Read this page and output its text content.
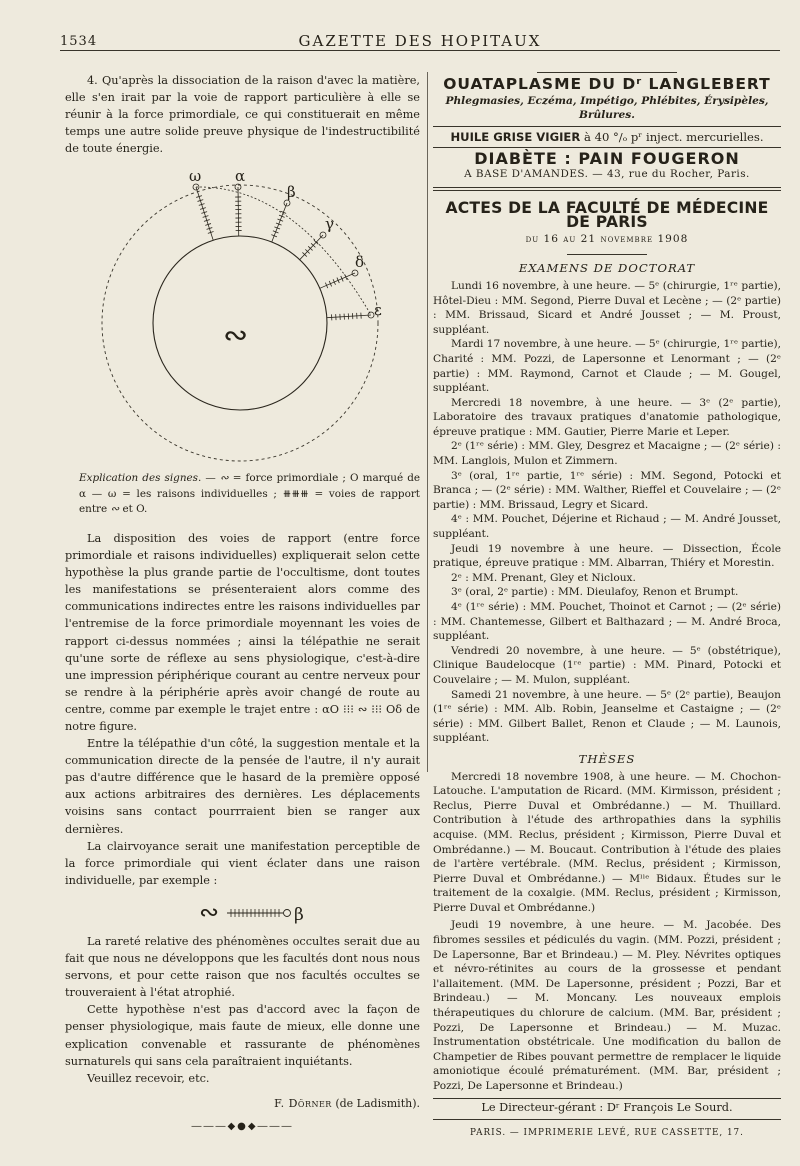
1534	GAZETTE DES HOPITAUX

4. Qu'après la dissociation de la raison d'avec la matière, elle s'en irait par la voie de rapport particulière à elle se réunir à la force primordiale, ce qui constituerait en même temps une autre solide preuve physique de l'indestructibilité de toute énergie.

ω α
β
γ
δ
ε
∾
Explication des signes. — ∾ = force primordiale ; O marqué de α — ω = les raisons individuelles ; ⧻⧻⧻ = voies de rapport entre ∾ et O.

La disposition des voies de rapport (entre force primordiale et raisons individuelles) expliquerait selon cette hypothèse la plus grande partie de l'occultisme, dont toutes les manifestations se présenteraient alors comme des communications indirectes entre les raisons individuelles par l'entremise de la force primordiale moyennant les voies de rapport ci-dessus nommées ; ainsi la télépathie ne serait qu'une sorte de réflexe au sens physiologique, c'est-à-dire une impression périphérique courant au centre nerveux pour se rendre à la périphérie après avoir changé de route au centre, comme par exemple le trajet entre : αO ⁝⁝⁝ ∾ ⁝⁝⁝ Oδ de notre figure.

Entre la télépathie d'un côté, la suggestion mentale et la communication directe de la pensée de l'autre, il n'y aurait pas d'autre différence que le hasard de la première opposé aux actions arbitraires des dernières. Les déplacements voisins sans contact pourrraient bien se ranger aux dernières.

La clairvoyance serait une manifestation perceptible de la force primordiale qui vient éclater dans une raison individuelle, par exemple :

∾	β

La rareté relative des phénomènes occultes serait due au fait que nous ne développons que les facultés dont nous nous servons, et pour cette raison que nos facultés occultes se trouveraient à l'état atrophié.

Cette hypothèse n'est pas d'accord avec la façon de penser physiologique, mais faute de mieux, elle donne une explication convenable et rassurante de phénomènes surnaturels qui sans cela paraîtraient inquiétants.

Veuillez recevoir, etc.

F. Dörner (de Ladismith).
―――◆●◆―――
OUATAPLASME DU Dʳ LANGLEBERT
Phlegmasies, Eczéma, Impétigo, Phlébites, Érysipèles, Brûlures.
HUILE GRISE VIGIER à 40 °/ₒ pʳ inject. mercurielles.
DIABÈTE : PAIN FOUGERON
A BASE D'AMANDES. — 43, rue du Rocher, Paris.
ACTES DE LA FACULTÉ DE MÉDECINE DE PARIS
du 16 au 21 novembre 1908
EXAMENS DE DOCTORAT

Lundi 16 novembre, à une heure. — 5ᵉ (chirurgie, 1ʳᵉ partie), Hôtel-Dieu : MM. Segond, Pierre Duval et Lecène ; — (2ᵉ partie) : MM. Brissaud, Sicard et André Jousset ; — M. Proust, suppléant.

Mardi 17 novembre, à une heure. — 5ᵉ (chirurgie, 1ʳᵉ partie), Charité : MM. Pozzi, de Lapersonne et Lenormant ; — (2ᵉ partie) : MM. Raymond, Carnot et Claude ; — M. Gougel, suppléant.

Mercredi 18 novembre, à une heure. — 3ᵉ (2ᵉ partie), Laboratoire des travaux pratiques d'anatomie pathologique, épreuve pratique : MM. Gautier, Pierre Marie et Leper.

2ᵉ (1ʳᵉ série) : MM. Gley, Desgrez et Macaigne ; — (2ᵉ série) : MM. Langlois, Mulon et Zimmern.

3ᵉ (oral, 1ʳᵉ partie, 1ʳᵉ série) : MM. Segond, Potocki et Branca ; — (2ᵉ série) : MM. Walther, Rieffel et Couvelaire ; — (2ᵉ partie) : MM. Brissaud, Legry et Sicard.

4ᵉ : MM. Pouchet, Déjerine et Richaud ; — M. André Jousset, suppléant.

Jeudi 19 novembre à une heure. — Dissection, École pratique, épreuve pratique : MM. Albarran, Thiéry et Morestin.

2ᵉ : MM. Prenant, Gley et Nicloux.

3ᵉ (oral, 2ᵉ partie) : MM. Dieulafoy, Renon et Brumpt.

4ᵉ (1ʳᵉ série) : MM. Pouchet, Thoinot et Carnot ; — (2ᵉ série) : MM. Chantemesse, Gilbert et Balthazard ; — M. André Broca, suppléant.

Vendredi 20 novembre, à une heure. — 5ᵉ (obstétrique), Clinique Baudelocque (1ʳᵉ partie) : MM. Pinard, Potocki et Couvelaire ; — M. Mulon, suppléant.

Samedi 21 novembre, à une heure. — 5ᵉ (2ᵉ partie), Beaujon (1ʳᵉ série) : MM. Alb. Robin, Jeanselme et Castaigne ; — (2ᵉ série) : MM. Gilbert Ballet, Renon et Claude ; — M. Launois, suppléant.

THÈSES

Mercredi 18 novembre 1908, à une heure. — M. Chochon-Latouche. L'amputation de Ricard. (MM. Kirmisson, président ; Reclus, Pierre Duval et Ombrédanne.) — M. Thuillard. Contribution à l'étude des arthropathies dans la syphilis acquise. (MM. Reclus, président ; Kirmisson, Pierre Duval et Ombrédanne.) — M. Boucaut. Contribution à l'étude des plaies de l'artère vertébrale. (MM. Reclus, président ; Kirmisson, Pierre Duval et Ombrédanne.) — Mˡˡᵉ Bidaux. Études sur le traitement de la coxalgie. (MM. Reclus, président ; Kirmisson, Pierre Duval et Ombrédanne.)

Jeudi 19 novembre, à une heure. — M. Jacobée. Des fibromes sessiles et pédiculés du vagin. (MM. Pozzi, président ; De Lapersonne, Bar et Brindeau.) — M. Pley. Névrites optiques et névro-rétinites au cours de la grossesse et pendant l'allaitement. (MM. De Lapersonne, président ; Pozzi, Bar et Brindeau.) — M. Moncany. Les nouveaux emplois thérapeutiques du chlorure de calcium. (MM. Bar, président ; Pozzi, De Lapersonne et Brindeau.) — M. Muzac. Instrumentation obstétricale. Une modification du ballon de Champetier de Ribes pouvant permettre de remplacer le liquide amoniotique écoulé prématurément. (MM. Bar, président ; Pozzi, De Lapersonne et Brindeau.)

Le Directeur-gérant : Dʳ François Le Sourd.
PARIS. — IMPRIMERIE LEVÉ, RUE CASSETTE, 17.
